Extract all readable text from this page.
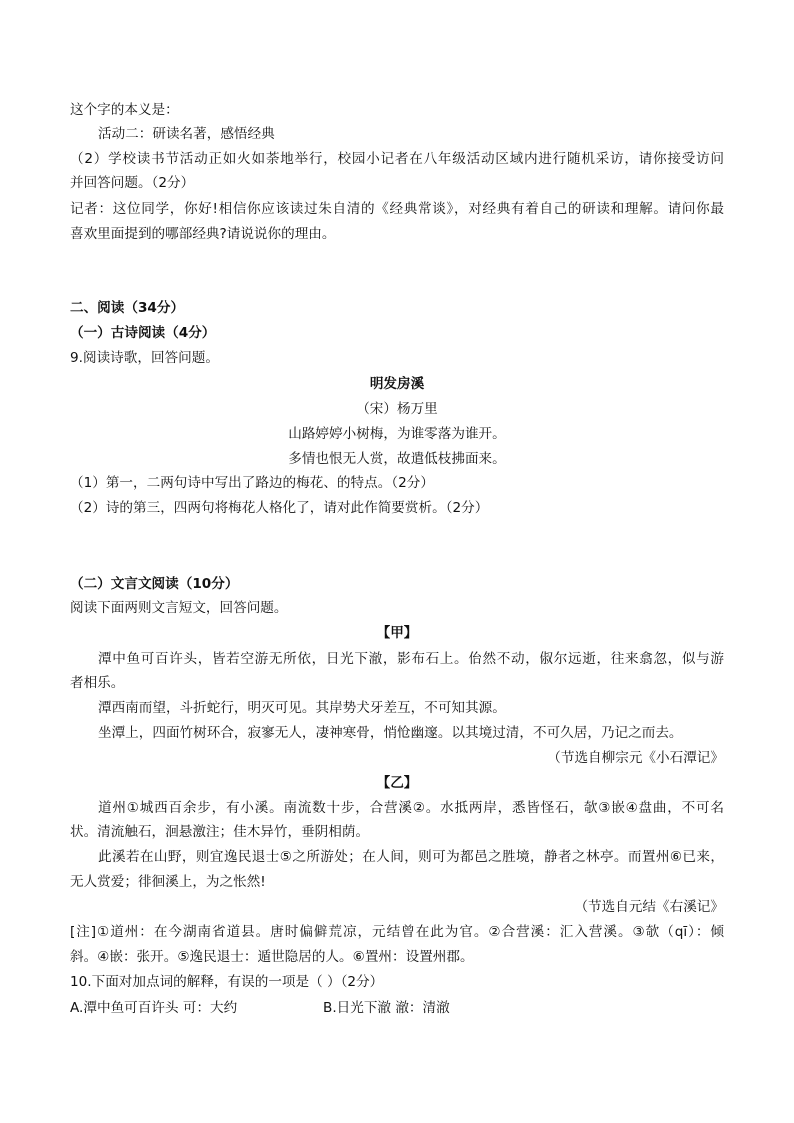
这个字的本义是：
活动二：研读名著，感悟经典
（2）学校读书节活动正如火如荼地举行，校园小记者在八年级活动区域内进行随机采访，请你接受访问
并回答问题。（2分）
记者：这位同学，你好!相信你应该读过朱自清的《经典常谈》，对经典有着自己的研读和理解。请问你最
喜欢里面提到的哪部经典?请说说你的理由。
二、阅读（34分）
（一）古诗阅读（4分）
9.阅读诗歌，回答问题。
明发房溪
（宋）杨万里
山路婷婷小树梅，为谁零落为谁开。
多情也恨无人赏，故遣低枝拂面来。
（1）第一，二两句诗中写出了路边的梅花、的特点。（2分）
（2）诗的第三，四两句将梅花人格化了，请对此作简要赏析。（2分）
（二）文言文阅读（10分）
阅读下面两则文言短文，回答问题。
【甲】
潭中鱼可百许头，皆若空游无所依，日光下澈，影布石上。佁然不动，俶尔远逝，往来翕忽，似与游
者相乐。
潭西南而望，斗折蛇行，明灭可见。其岸势犬牙差互，不可知其源。
坐潭上，四面竹树环合，寂寥无人，凄神寒骨，悄怆幽邃。以其境过清，不可久居，乃记之而去。
（节选自柳宗元《小石潭记》
【乙】
道州①城西百余步，有小溪。南流数十步，合营溪②。水抵两岸，悉皆怪石，欹③嵌④盘曲，不可名
状。清流触石，洄悬激注；佳木异竹，垂阴相荫。
此溪若在山野，则宜逸民退士⑤之所游处；在人间，则可为都邑之胜境，静者之林亭。而置州⑥已来，
无人赏爱；徘徊溪上，为之怅然!
（节选自元结《右溪记》
[注]①道州：在今湖南省道县。唐时偏僻荒凉，元结曾在此为官。②合营溪：汇入营溪。③欹（qī）：倾
斜。④嵌：张开。⑤逸民退士：遁世隐居的人。⑥置州：设置州郡。
10.下面对加点词的解释，有误的一项是（ ）（2分）
A.潭中鱼可百许头 可：大约	B.日光下澈 澈：清澈
